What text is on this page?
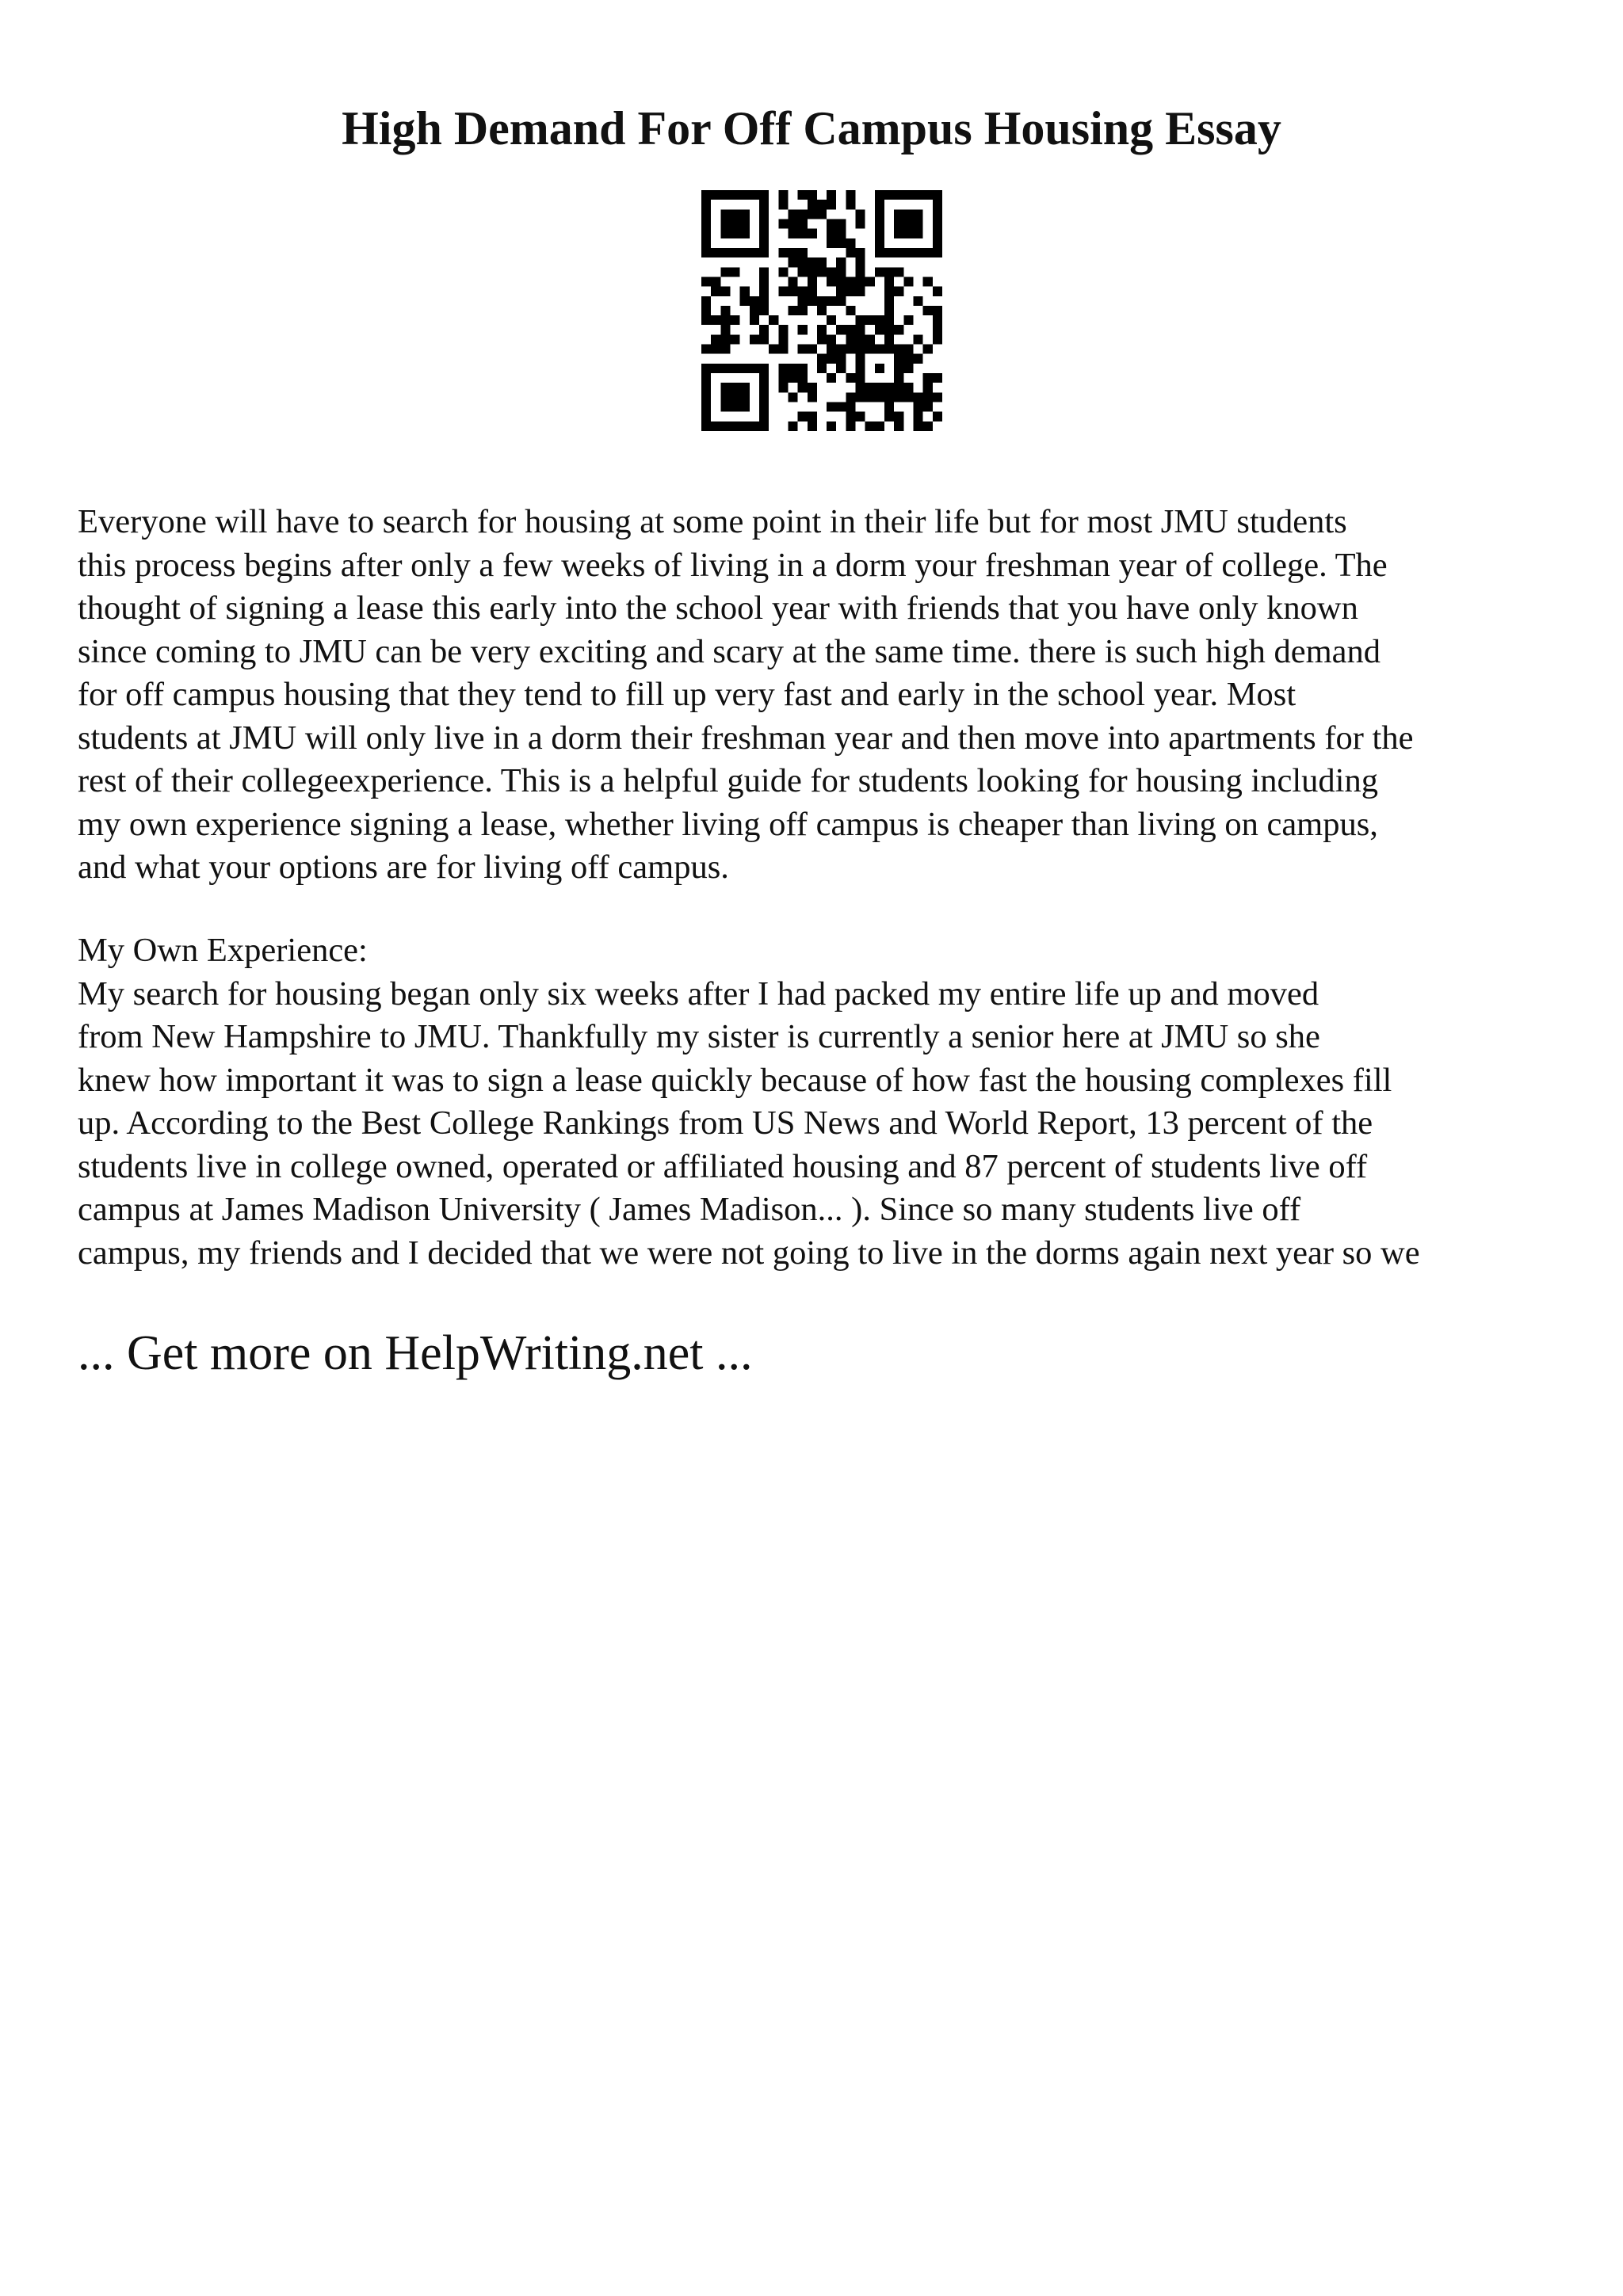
High Demand For Off Campus Housing Essay

Everyone will have to search for housing at some point in their life but for most JMU students
this process begins after only a few weeks of living in a dorm your freshman year of college. The
thought of signing a lease this early into the school year with friends that you have only known
since coming to JMU can be very exciting and scary at the same time. there is such high demand
for off campus housing that they tend to fill up very fast and early in the school year. Most
students at JMU will only live in a dorm their freshman year and then move into apartments for the
rest of their collegeexperience. This is a helpful guide for students looking for housing including
my own experience signing a lease, whether living off campus is cheaper than living on campus,
and what your options are for living off campus.

My Own Experience:
My search for housing began only six weeks after I had packed my entire life up and moved
from New Hampshire to JMU. Thankfully my sister is currently a senior here at JMU so she
knew how important it was to sign a lease quickly because of how fast the housing complexes fill
up. According to the Best College Rankings from US News and World Report, 13 percent of the
students live in college owned, operated or affiliated housing and 87 percent of students live off
campus at James Madison University ( James Madison... ). Since so many students live off
campus, my friends and I decided that we were not going to live in the dorms again next year so we

... Get more on HelpWriting.net ...
